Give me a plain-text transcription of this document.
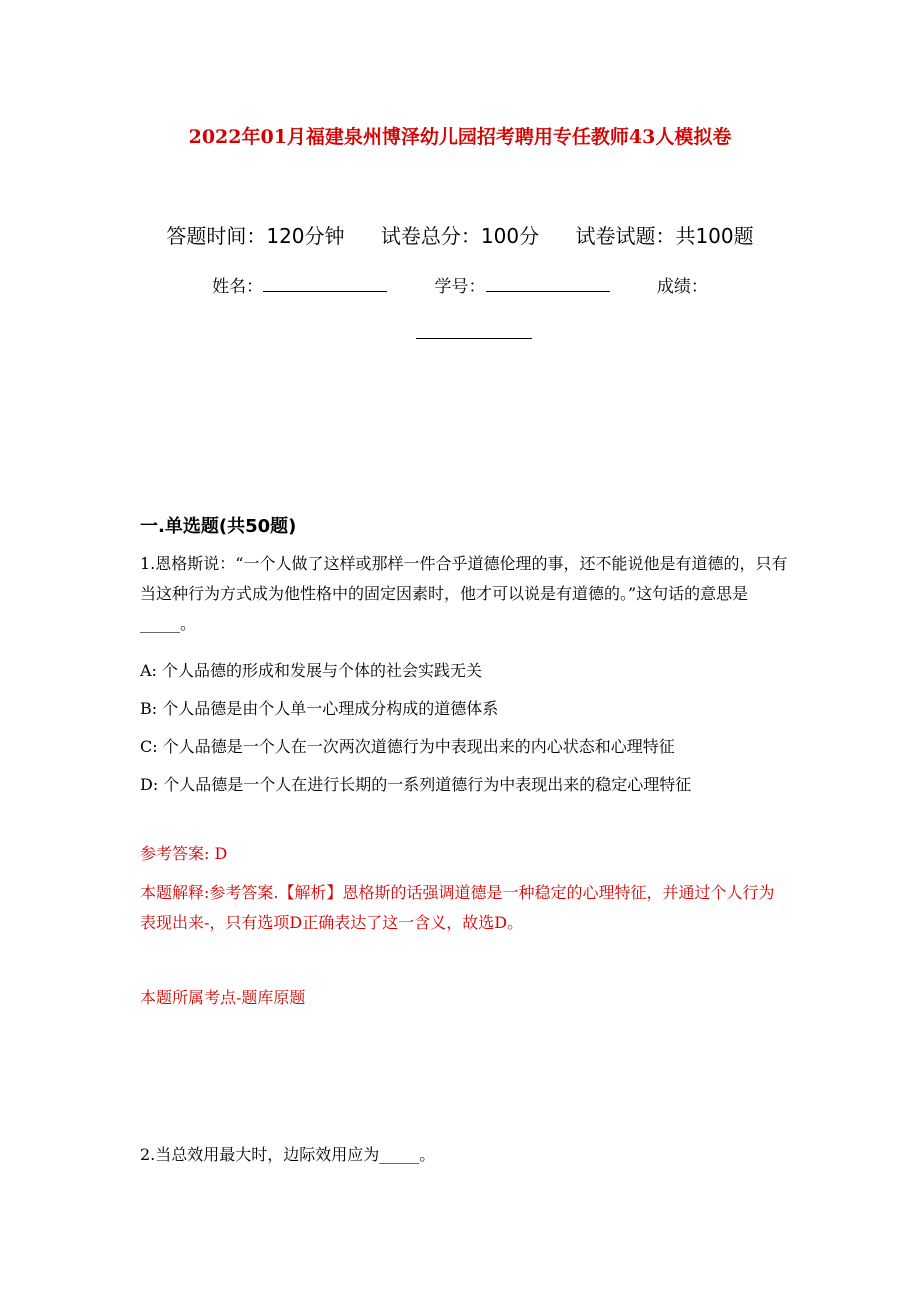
2022年01月福建泉州博泽幼儿园招考聘用专任教师43人模拟卷
答题时间：120分钟 试卷总分：100分 试卷试题：共100题
姓名：	学号：	成绩：
一.单选题(共50题)
1.恩格斯说：“一个人做了这样或那样一件合乎道德伦理的事，还不能说他是有道德的，只有当这种行为方式成为他性格中的固定因素时，他才可以说是有道德的。”这句话的意思是_____。
A: 个人品德的形成和发展与个体的社会实践无关
B: 个人品德是由个人单一心理成分构成的道德体系
C: 个人品德是一个人在一次两次道德行为中表现出来的内心状态和心理特征
D: 个人品德是一个人在进行长期的一系列道德行为中表现出来的稳定心理特征
参考答案: D
本题解释:参考答案.【解析】恩格斯的话强调道德是一种稳定的心理特征，并通过个人行为表现出来-，只有选项D正确表达了这一含义，故选D。
本题所属考点-题库原题
2.当总效用最大时，边际效用应为_____。
